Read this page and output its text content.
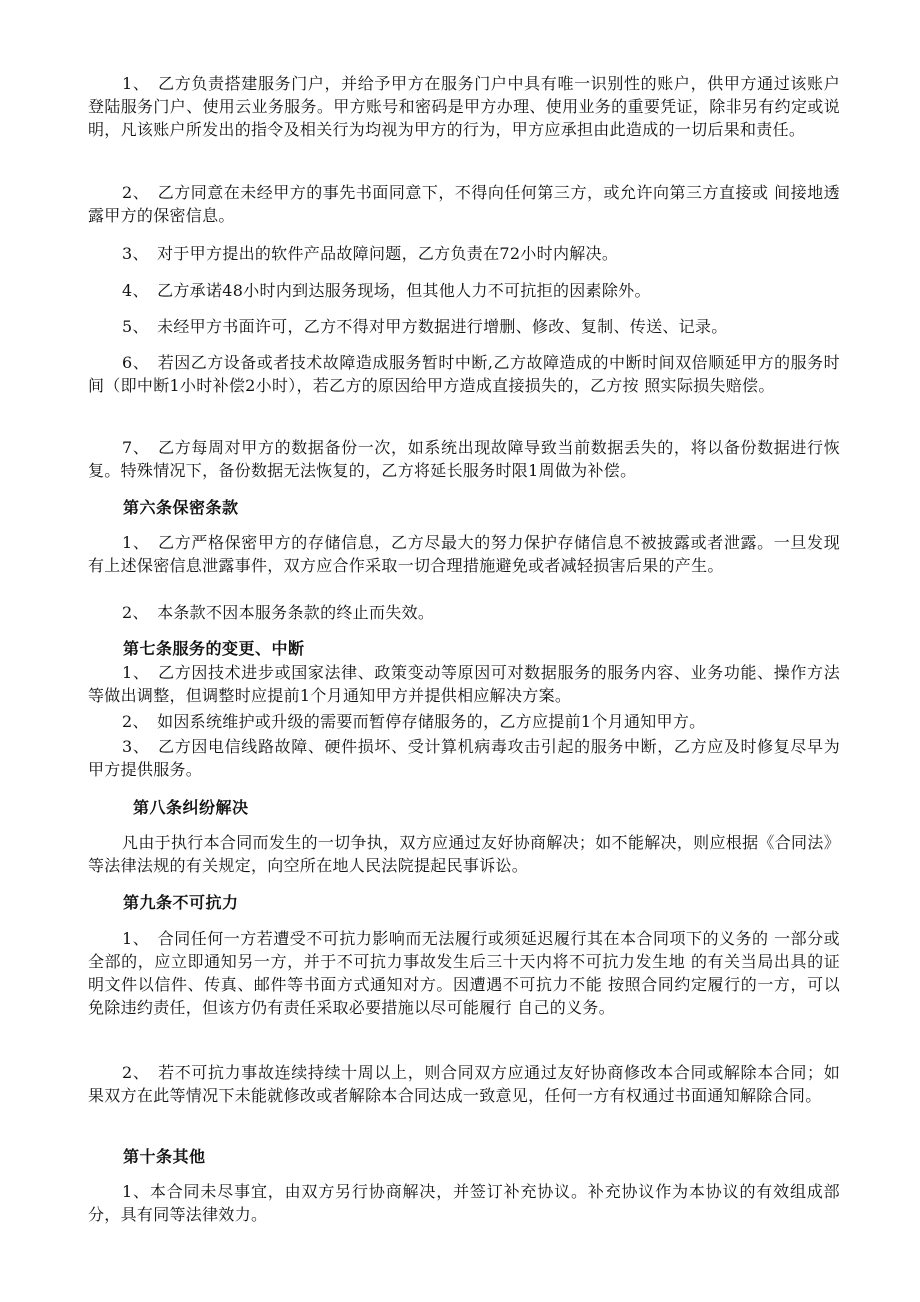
1、　乙方负责搭建服务门户，并给予甲方在服务门户中具有唯一识别性的账户，供甲方通过该账户登陆服务门户、使用云业务服务。甲方账号和密码是甲方办理、使用业务的重要凭证，除非另有约定或说明，凡该账户所发出的指令及相关行为均视为甲方的行为，甲方应承担由此造成的一切后果和责任。

2、　乙方同意在未经甲方的事先书面同意下，不得向任何第三方，或允许向第三方直接或 间接地透露甲方的保密信息。

3、　对于甲方提出的软件产品故障问题，乙方负责在72小时内解决。

4、　乙方承诺48小时内到达服务现场，但其他人力不可抗拒的因素除外。

5、　未经甲方书面许可，乙方不得对甲方数据进行增删、修改、复制、传送、记录。

6、　若因乙方设备或者技术故障造成服务暂时中断,乙方故障造成的中断时间双倍顺延甲方的服务时间（即中断1小时补偿2小时），若乙方的原因给甲方造成直接损失的，乙方按 照实际损失赔偿。

7、　乙方每周对甲方的数据备份一次，如系统出现故障导致当前数据丢失的，将以备份数据进行恢复。特殊情况下，备份数据无法恢复的，乙方将延长服务时限1周做为补偿。

第六条保密条款

1、　乙方严格保密甲方的存储信息，乙方尽最大的努力保护存储信息不被披露或者泄露。一旦发现有上述保密信息泄露事件，双方应合作采取一切合理措施避免或者减轻损害后果的产生。

2、　本条款不因本服务条款的终止而失效。

第七条服务的变更、中断

1、　乙方因技术进步或国家法律、政策变动等原因可对数据服务的服务内容、业务功能、操作方法等做出调整，但调整时应提前1个月通知甲方并提供相应解决方案。

2、　如因系统维护或升级的需要而暂停存储服务的，乙方应提前1个月通知甲方。

3、　乙方因电信线路故障、硬件损坏、受计算机病毒攻击引起的服务中断，乙方应及时修复尽早为甲方提供服务。

第八条纠纷解决

凡由于执行本合同而发生的一切争执，双方应通过友好协商解决；如不能解决，则应根据《合同法》等法律法规的有关规定，向空所在地人民法院提起民事诉讼。

第九条不可抗力

1、　合同任何一方若遭受不可抗力影响而无法履行或须延迟履行其在本合同项下的义务的 一部分或全部的，应立即通知另一方，并于不可抗力事故发生后三十天内将不可抗力发生地 的有关当局出具的证明文件以信件、传真、邮件等书面方式通知对方。因遭遇不可抗力不能 按照合同约定履行的一方，可以免除违约责任，但该方仍有责任采取必要措施以尽可能履行 自己的义务。

2、　若不可抗力事故连续持续十周以上，则合同双方应通过友好协商修改本合同或解除本合同；如果双方在此等情况下未能就修改或者解除本合同达成一致意见，任何一方有权通过书面通知解除合同。

第十条其他

1、本合同未尽事宜，由双方另行协商解决，并签订补充协议。补充协议作为本协议的有效组成部分，具有同等法律效力。
